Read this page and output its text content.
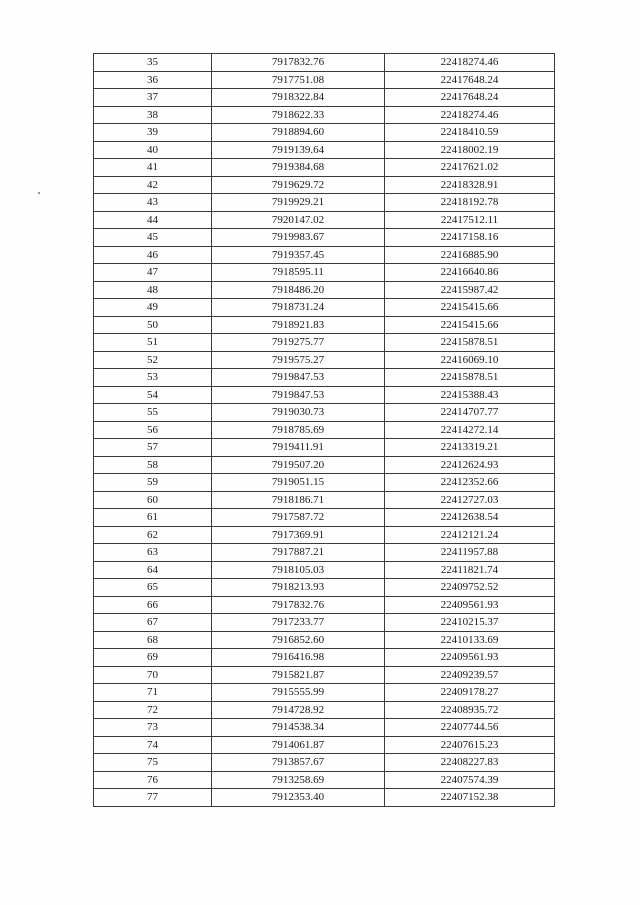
35	7917832.76	22418274.46
36	7917751.08	22417648.24
37	7918322.84	22417648.24
38	7918622.33	22418274.46
39	7918894.60	22418410.59
40	7919139.64	22418002.19
41	7919384.68	22417621.02
42	7919629.72	22418328.91
43	7919929.21	22418192.78
44	7920147.02	22417512.11
45	7919983.67	22417158.16
46	7919357.45	22416885.90
47	7918595.11	22416640.86
48	7918486.20	22415987.42
49	7918731.24	22415415.66
50	7918921.83	22415415.66
51	7919275.77	22415878.51
52	7919575.27	22416069.10
53	7919847.53	22415878.51
54	7919847.53	22415388.43
55	7919030.73	22414707.77
56	7918785.69	22414272.14
57	7919411.91	22413319.21
58	7919507.20	22412624.93
59	7919051.15	22412352.66
60	7918186.71	22412727.03
61	7917587.72	22412638.54
62	7917369.91	22412121.24
63	7917887.21	22411957.88
64	7918105.03	22411821.74
65	7918213.93	22409752.52
66	7917832.76	22409561.93
67	7917233.77	22410215.37
68	7916852.60	22410133.69
69	7916416.98	22409561.93
70	7915821.87	22409239.57
71	7915555.99	22409178.27
72	7914728.92	22408935.72
73	7914538.34	22407744.56
74	7914061.87	22407615.23
75	7913857.67	22408227.83
76	7913258.69	22407574.39
77	7912353.40	22407152.38
